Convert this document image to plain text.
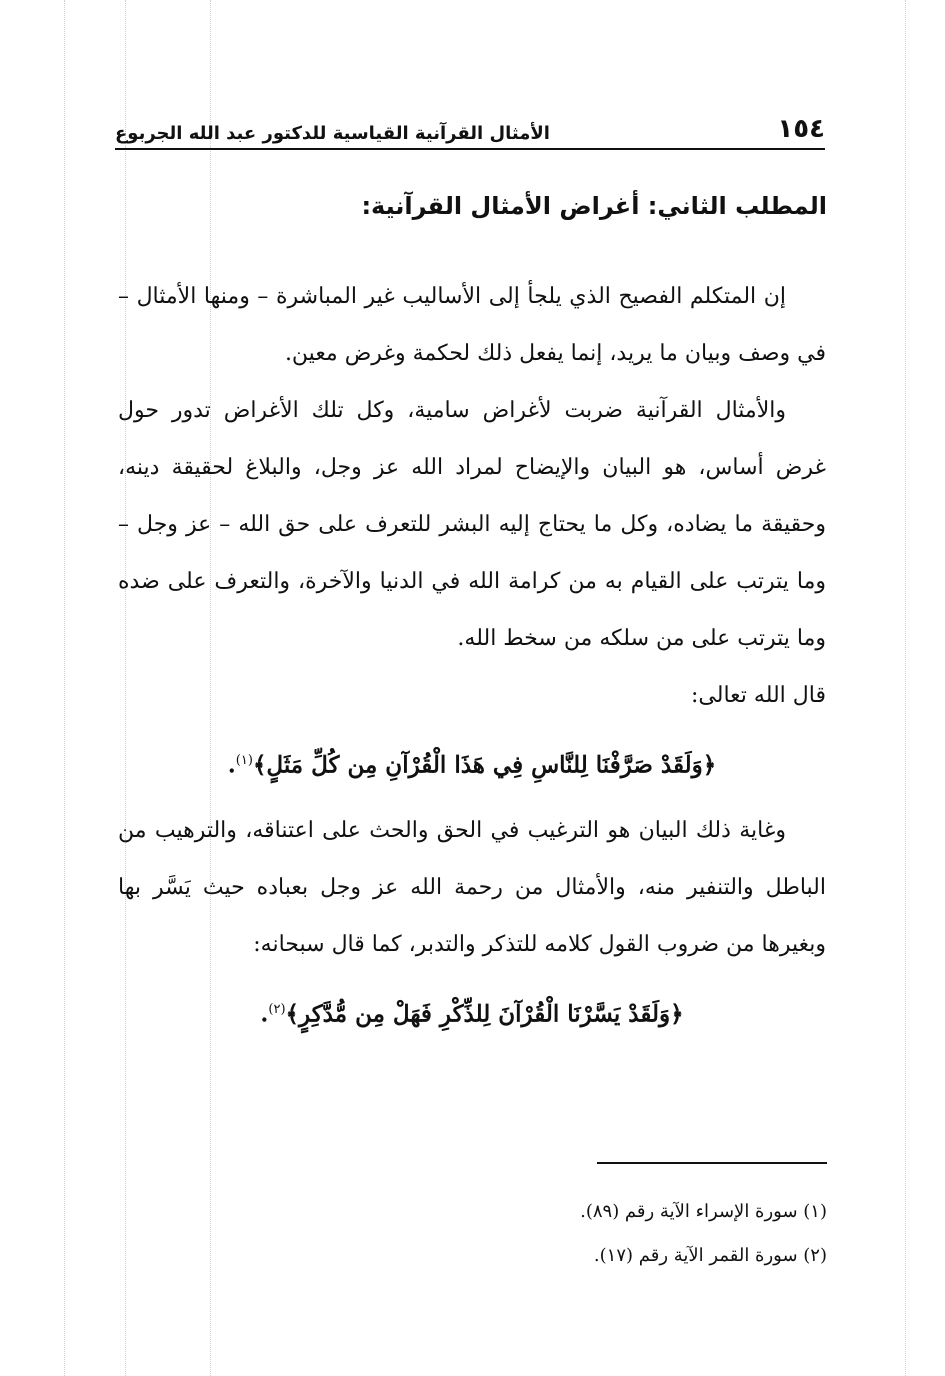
١٥٤
الأمثال القرآنية القياسية للدكتور عبد الله الجربوع
المطلب الثاني: أغراض الأمثال القرآنية:

إن المتكلم الفصيح الذي يلجأ إلى الأساليب غير المباشرة – ومنها الأمثال – في وصف وبيان ما يريد، إنما يفعل ذلك لحكمة وغرض معين.

والأمثال القرآنية ضربت لأغراض سامية، وكل تلك الأغراض تدور حول غرض أساس، هو البيان والإيضاح لمراد الله عز وجل، والبلاغ لحقيقة دينه، وحقيقة ما يضاده، وكل ما يحتاج إليه البشر للتعرف على حق الله – عز وجل – وما يترتب على القيام به من كرامة الله في الدنيا والآخرة، والتعرف على ضده وما يترتب على من سلكه من سخط الله.

قال الله تعالى:

﴿وَلَقَدْ صَرَّفْنَا لِلنَّاسِ فِي هَذَا الْقُرْآنِ مِن كُلِّ مَثَلٍ﴾$^{(١)}$.

وغاية ذلك البيان هو الترغيب في الحق والحث على اعتناقه، والترهيب من الباطل والتنفير منه، والأمثال من رحمة الله عز وجل بعباده حيث يَسَّر بها وبغيرها من ضروب القول كلامه للتذكر والتدبر، كما قال سبحانه:

﴿وَلَقَدْ يَسَّرْنَا الْقُرْآنَ لِلذِّكْرِ فَهَلْ مِن مُّدَّكِرٍ﴾$^{(٢)}$.

(١) سورة الإسراء الآية رقم (٨٩).
(٢) سورة القمر الآية رقم (١٧).
